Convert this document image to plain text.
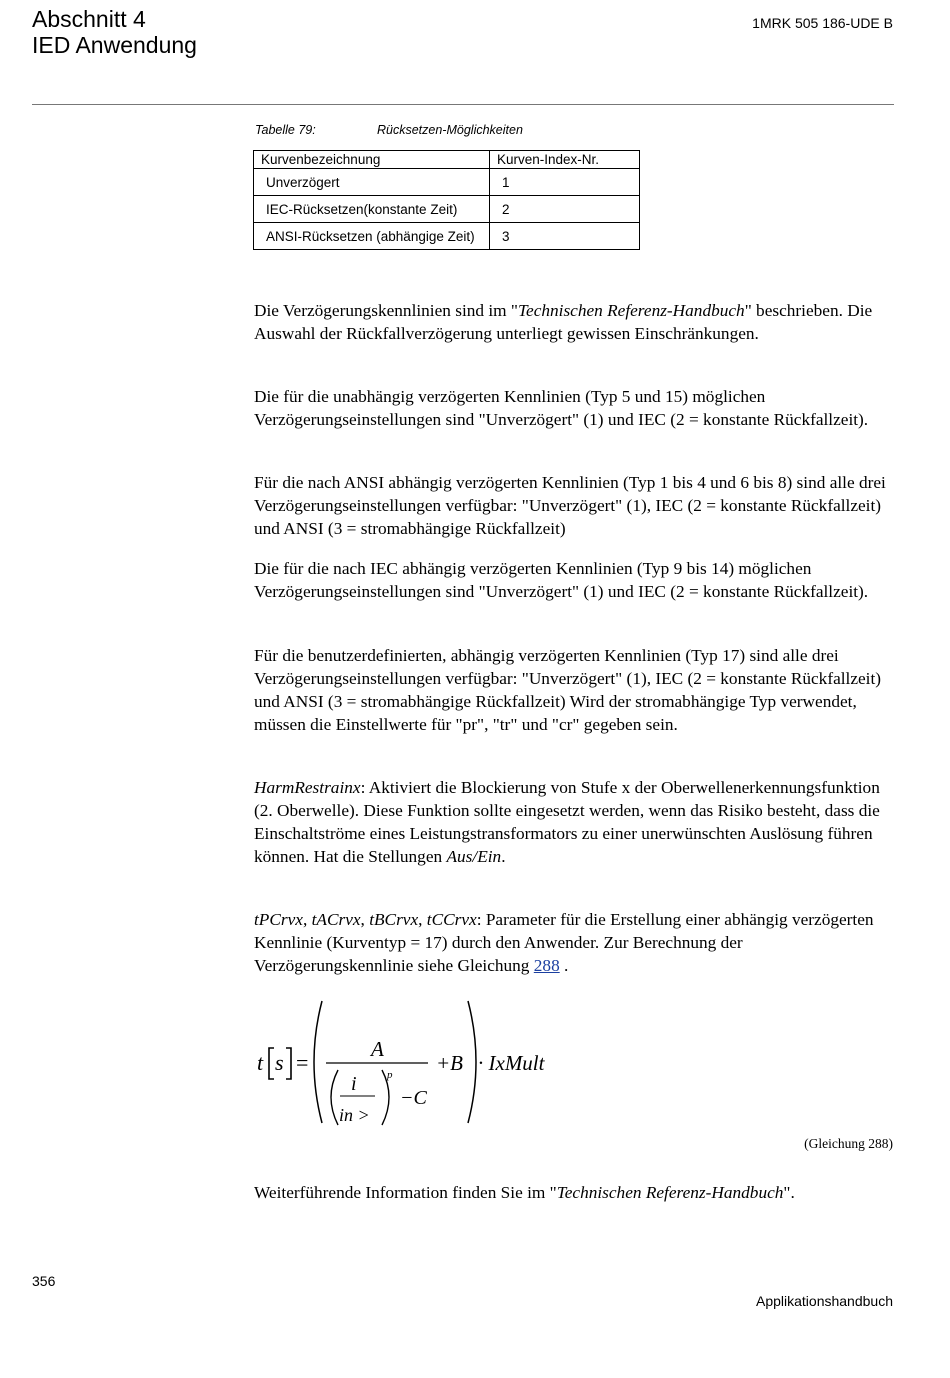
Abschnitt 4
IED Anwendung
1MRK 505 186-UDE B
Tabelle 79:	Rücksetzen-Möglichkeiten
Kurvenbezeichnung	Kurven-Index-Nr.
Unverzögert	1
IEC-Rücksetzen(konstante Zeit)	2
ANSI-Rücksetzen (abhängige Zeit)	3

Die Verzögerungskennlinien sind im "Technischen Referenz-Handbuch" beschrieben. Die Auswahl der Rückfallverzögerung unterliegt gewissen Einschränkungen.

Die für die unabhängig verzögerten Kennlinien (Typ 5 und 15) möglichen Verzögerungseinstellungen sind "Unverzögert" (1) und IEC (2 = konstante Rückfallzeit).

Für die nach ANSI abhängig verzögerten Kennlinien (Typ 1 bis 4 und 6 bis 8) sind alle drei Verzögerungseinstellungen verfügbar: "Unverzögert" (1), IEC (2 = konstante Rückfallzeit) und ANSI (3 = stromabhängige Rückfallzeit)

Die für die nach IEC abhängig verzögerten Kennlinien (Typ 9 bis 14) möglichen Verzögerungseinstellungen sind "Unverzögert" (1) und IEC (2 = konstante Rückfallzeit).

Für die benutzerdefinierten, abhängig verzögerten Kennlinien (Typ 17) sind alle drei Verzögerungseinstellungen verfügbar: "Unverzögert" (1), IEC (2 = konstante Rückfallzeit) und ANSI (3 = stromabhängige Rückfallzeit) Wird der stromabhängige Typ verwendet, müssen die Einstellwerte für "pr", "tr" und "cr" gegeben sein.

HarmRestrainx: Aktiviert die Blockierung von Stufe x der Oberwellenerkennungsfunktion (2. Oberwelle). Diese Funktion sollte eingesetzt werden, wenn das Risiko besteht, dass die Einschaltströme eines Leistungstransformators zu einer unerwünschten Auslösung führen können. Hat die Stellungen Aus/Ein.

tPCrvx, tACrvx, tBCrvx, tCCrvx: Parameter für die Erstellung einer abhängig verzögerten Kennlinie (Kurventyp = 17) durch den Anwender. Zur Berechnung der Verzögerungskennlinie siehe Gleichung 288 .

t s =
A
+B
i	p
in >
−C
· IxMult
(Gleichung 288)

Weiterführende Information finden Sie im "Technischen Referenz-Handbuch".

356
Applikationshandbuch
